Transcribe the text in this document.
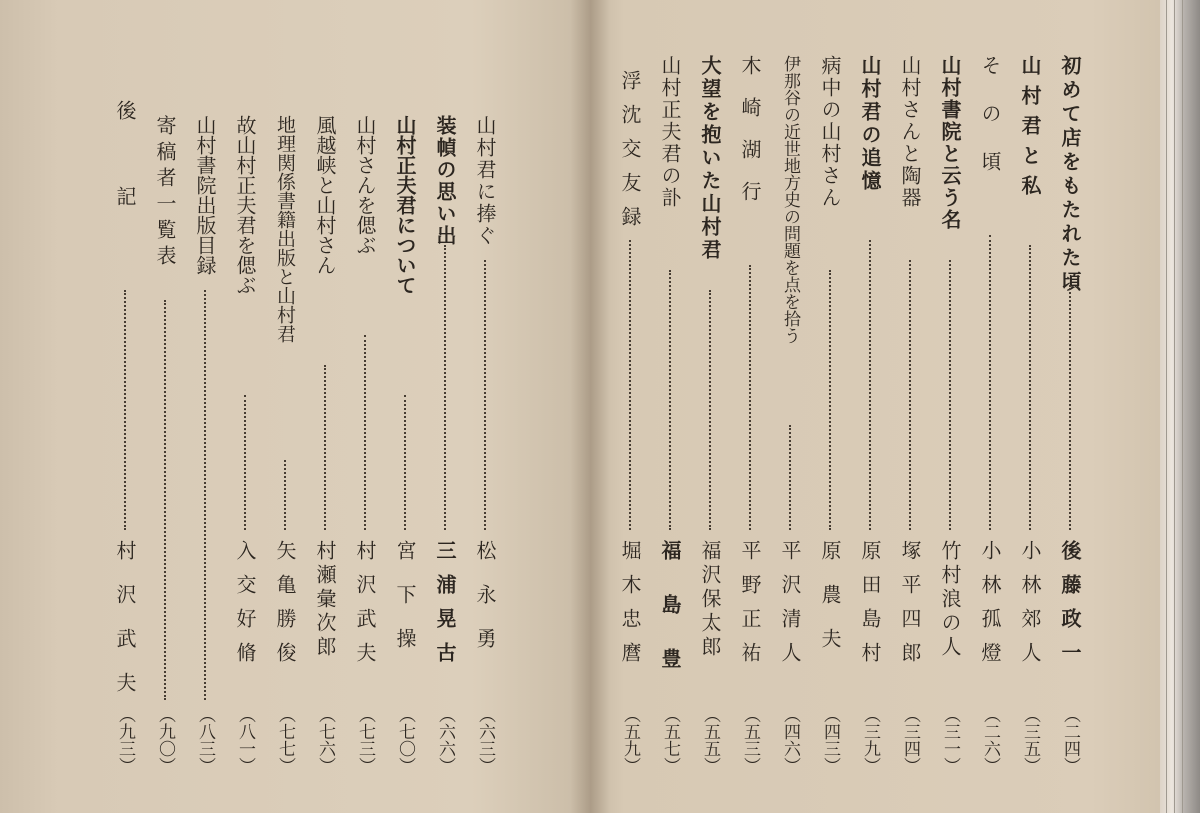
初めて店をもたれた頃
後藤政一
（二四）
山村君と私
小林郊人
（三五）
その頃
小林孤燈
（二六）
山村書院と云う名
竹村浪の人
（三一）
山村さんと陶器
塚平四郎
（三四）
山村君の追憶
原田島村
（三九）
病中の山村さん
原農夫
（四三）
伊那谷の近世地方史の問題を点を拾う
平沢清人
（四六）
木崎湖行
平野正祐
（五三）
大望を抱いた山村君
福沢保太郎
（五五）
山村正夫君の訃
福島豊
（五七）
浮沈交友録
堀木忠麿
（五九）
山村君に捧ぐ
松永勇
（六三）
装幀の思い出
三浦晃古
（六六）
山村正夫君について
宮下操
（七〇）
山村さんを偲ぶ
村沢武夫
（七三）
風越峡と山村さん
村瀬彙次郎
（七六）
地理関係書籍出版と山村君
矢亀勝俊
（七七）
故山村正夫君を偲ぶ
入交好脩
（八一）
山村書院出版目録
（八三）
寄稿者一覧表
（九〇）
後記
村沢武夫
（九三）
